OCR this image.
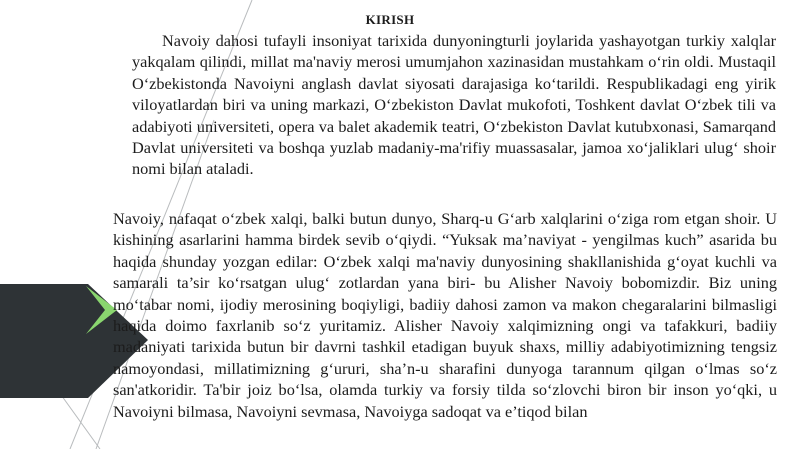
KIRISH

Navoiy dahosi tufayli insoniyat tarixida dunyoningturli joylarida yashayotgan turkiy xalqlar yakqalam qilindi, millat ma'naviy merosi umumjahon xazinasidan mustahkam o‘rin oldi. Mustaqil O‘zbekistonda Navoiyni anglash davlat siyosati darajasiga ko‘tarildi. Respublikadagi eng yirik viloyatlardan biri va uning markazi, O‘zbekiston Davlat mukofoti, Toshkent davlat O‘zbek tili va adabiyoti universiteti, opera va balet akademik teatri, O‘zbekiston Davlat kutubxonasi, Samarqand Davlat universiteti va boshqa yuzlab madaniy-ma'rifiy muassasalar, jamoa xo‘jaliklari ulug‘ shoir nomi bilan ataladi.

Navoiy, nafaqat o‘zbek xalqi, balki butun dunyo, Sharq-u G‘arb xalqlarini o‘ziga rom etgan shoir. U kishining asarlarini hamma birdek sevib o‘qiydi. “Yuksak ma’naviyat - yengilmas kuch” asarida bu haqida shunday yozgan edilar: O‘zbek xalqi ma'naviy dunyosining shakllanishida g‘oyat kuchli va samarali ta’sir ko‘rsatgan ulug‘ zotlardan yana biri- bu Alisher Navoiy bobomizdir. Biz uning mo‘tabar nomi, ijodiy merosining boqiyligi, badiiy dahosi zamon va makon chegaralarini bilmasligi haqida doimo faxrlanib so‘z yuritamiz. Alisher Navoiy xalqimizning ongi va tafakkuri, badiiy madaniyati tarixida butun bir davrni tashkil etadigan buyuk shaxs, milliy adabiyotimizning tengsiz namoyondasi, millatimizning g‘ururi, sha’n-u sharafini dunyoga tarannum qilgan o‘lmas so‘z san'atkoridir. Ta'bir joiz bo‘lsa, olamda turkiy va forsiy tilda so‘zlovchi biron bir inson yo‘qki, u Navoiyni bilmasa, Navoiyni sevmasa, Navoiyga sadoqat va e’tiqod bilan
